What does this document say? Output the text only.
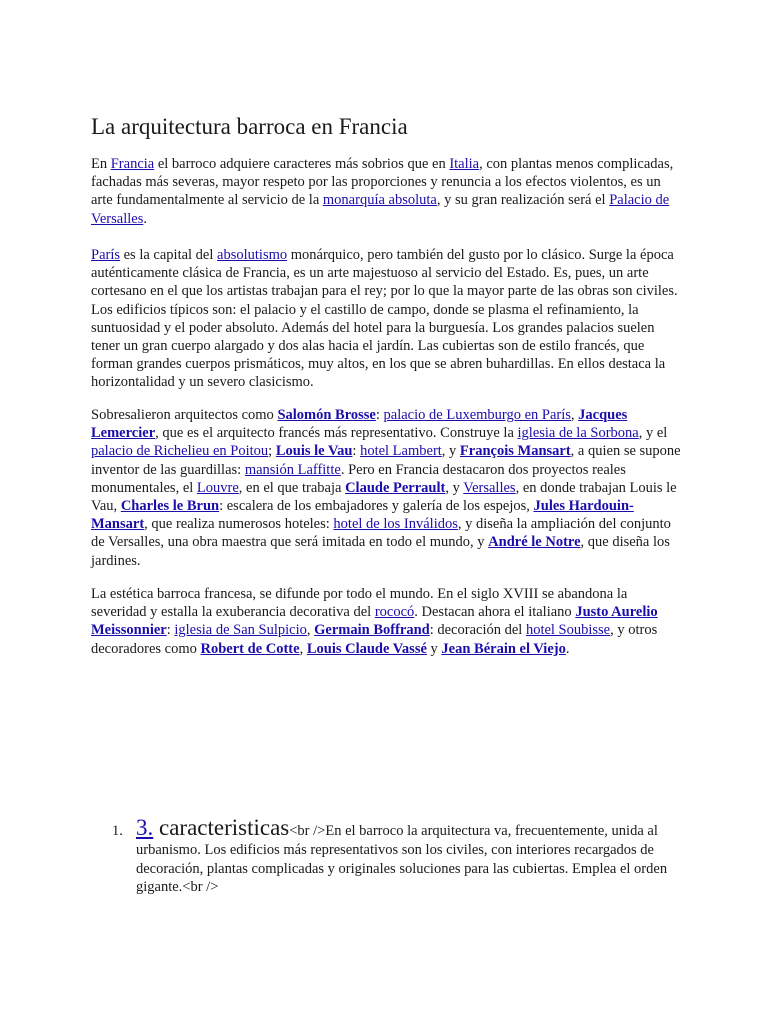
La arquitectura barroca en Francia

En Francia el barroco adquiere caracteres más sobrios que en Italia, con plantas menos complicadas, fachadas más severas, mayor respeto por las proporciones y renuncia a los efectos violentos, es un arte fundamentalmente al servicio de la monarquía absoluta, y su gran realización será el Palacio de Versalles.

París es la capital del absolutismo monárquico, pero también del gusto por lo clásico. Surge la época auténticamente clásica de Francia, es un arte majestuoso al servicio del Estado. Es, pues, un arte cortesano en el que los artistas trabajan para el rey; por lo que la mayor parte de las obras son civiles. Los edificios típicos son: el palacio y el castillo de campo, donde se plasma el refinamiento, la suntuosidad y el poder absoluto. Además del hotel para la burguesía. Los grandes palacios suelen tener un gran cuerpo alargado y dos alas hacia el jardín. Las cubiertas son de estilo francés, que forman grandes cuerpos prismáticos, muy altos, en los que se abren buhardillas. En ellos destaca la horizontalidad y un severo clasicismo.

Sobresalieron arquitectos como Salomón Brosse: palacio de Luxemburgo en París, Jacques Lemercier, que es el arquitecto francés más representativo. Construye la iglesia de la Sorbona, y el palacio de Richelieu en Poitou; Louis le Vau: hotel Lambert, y François Mansart, a quien se supone inventor de las guardillas: mansión Laffitte. Pero en Francia destacaron dos proyectos reales monumentales, el Louvre, en el que trabaja Claude Perrault, y Versalles, en donde trabajan Louis le Vau, Charles le Brun: escalera de los embajadores y galería de los espejos, Jules Hardouin-Mansart, que realiza numerosos hoteles: hotel de los Inválidos, y diseña la ampliación del conjunto de Versalles, una obra maestra que será imitada en todo el mundo, y André le Notre, que diseña los jardines.

La estética barroca francesa, se difunde por todo el mundo. En el siglo XVIII se abandona la severidad y estalla la exuberancia decorativa del rococó. Destacan ahora el italiano Justo Aurelio Meissonnier: iglesia de San Sulpicio, Germain Boffrand: decoración del hotel Soubisse, y otros decoradores como Robert de Cotte, Louis Claude Vassé y Jean Bérain el Viejo.

1. 3. caracteristicas<br />En el barroco la arquitectura va, frecuentemente, unida al urbanismo. Los edificios más representativos son los civiles, con interiores recargados de decoración, plantas complicadas y originales soluciones para las cubiertas. Emplea el orden gigante.<br />
